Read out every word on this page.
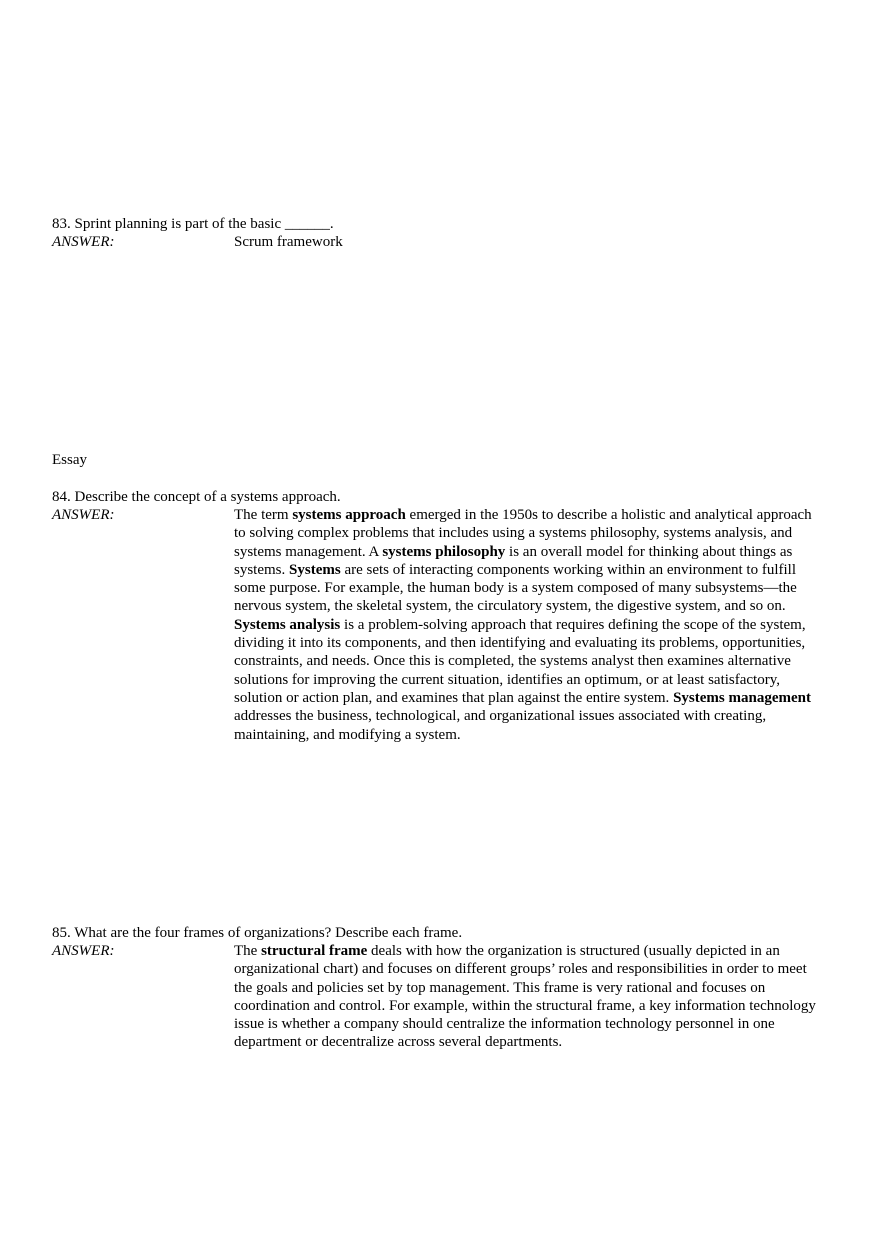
83. Sprint planning is part of the basic ______.
ANSWER:	Scrum framework
Essay
84. Describe the concept of a systems approach.
ANSWER:	The term systems approach emerged in the 1950s to describe a holistic and analytical approach to solving complex problems that includes using a systems philosophy, systems analysis, and systems management. A systems philosophy is an overall model for thinking about things as systems. Systems are sets of interacting components working within an environment to fulfill some purpose. For example, the human body is a system composed of many subsystems—the nervous system, the skeletal system, the circulatory system, the digestive system, and so on. Systems analysis is a problem-solving approach that requires defining the scope of the system, dividing it into its components, and then identifying and evaluating its problems, opportunities, constraints, and needs. Once this is completed, the systems analyst then examines alternative solutions for improving the current situation, identifies an optimum, or at least satisfactory, solution or action plan, and examines that plan against the entire system. Systems management addresses the business, technological, and organizational issues associated with creating, maintaining, and modifying a system.
85. What are the four frames of organizations? Describe each frame.
ANSWER:	The structural frame deals with how the organization is structured (usually depicted in an organizational chart) and focuses on different groups’ roles and responsibilities in order to meet the goals and policies set by top management. This frame is very rational and focuses on coordination and control. For example, within the structural frame, a key information technology issue is whether a company should centralize the information technology personnel in one department or decentralize across several departments.
